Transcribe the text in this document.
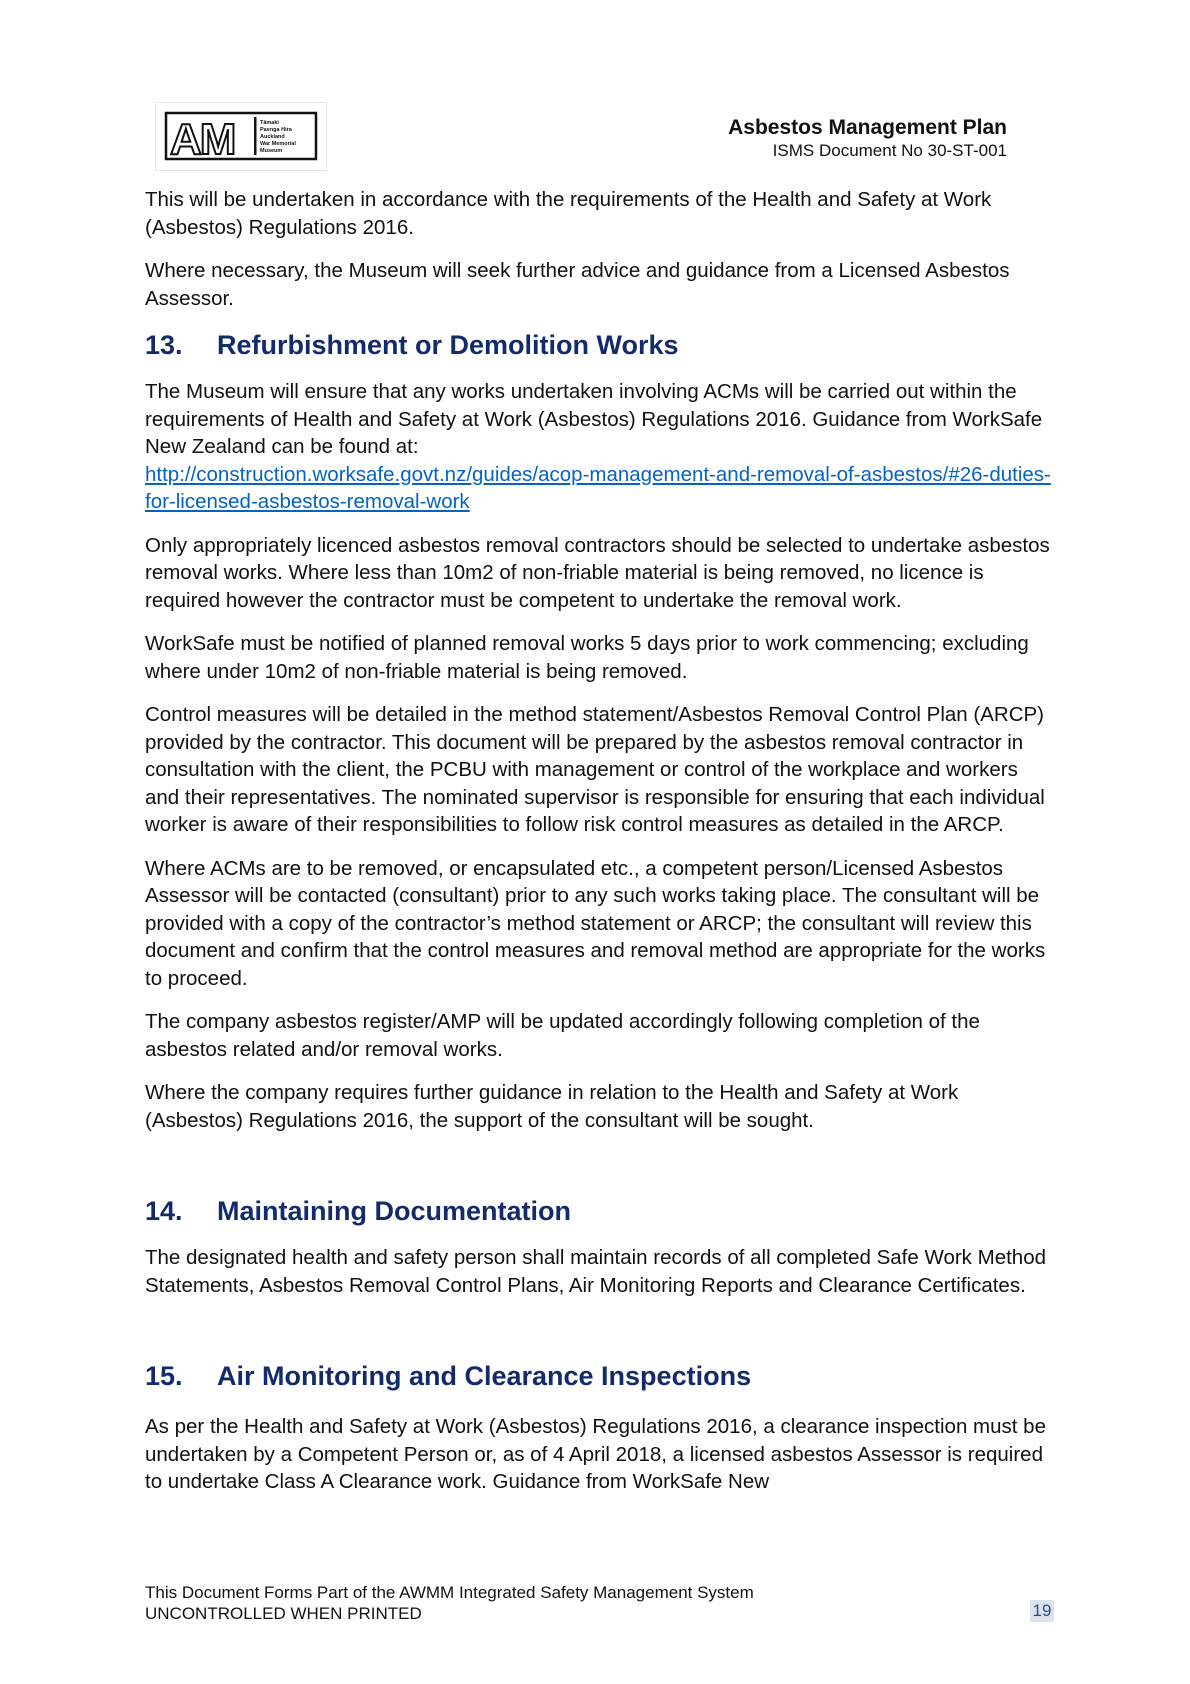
AM	Tāmaki Paenga Hira Auckland War Memorial Museum
Asbestos Management Plan
ISMS Document No 30-ST-001

This will be undertaken in accordance with the requirements of the Health and Safety at Work (Asbestos) Regulations 2016.

Where necessary, the Museum will seek further advice and guidance from a Licensed Asbestos Assessor.

13. Refurbishment or Demolition Works

The Museum will ensure that any works undertaken involving ACMs will be carried out within the requirements of Health and Safety at Work (Asbestos) Regulations 2016. Guidance from WorkSafe New Zealand can be found at:
http://construction.worksafe.govt.nz/guides/acop-management-and-removal-of-asbestos/#26-duties-for-licensed-asbestos-removal-work

Only appropriately licenced asbestos removal contractors should be selected to undertake asbestos removal works. Where less than 10m2 of non-friable material is being removed, no licence is required however the contractor must be competent to undertake the removal work.

WorkSafe must be notified of planned removal works 5 days prior to work commencing; excluding where under 10m2 of non-friable material is being removed.

Control measures will be detailed in the method statement/Asbestos Removal Control Plan (ARCP) provided by the contractor. This document will be prepared by the asbestos removal contractor in consultation with the client, the PCBU with management or control of the workplace and workers and their representatives. The nominated supervisor is responsible for ensuring that each individual worker is aware of their responsibilities to follow risk control measures as detailed in the ARCP.

Where ACMs are to be removed, or encapsulated etc., a competent person/Licensed Asbestos Assessor will be contacted (consultant) prior to any such works taking place. The consultant will be provided with a copy of the contractor’s method statement or ARCP; the consultant will review this document and confirm that the control measures and removal method are appropriate for the works to proceed.

The company asbestos register/AMP will be updated accordingly following completion of the asbestos related and/or removal works.

Where the company requires further guidance in relation to the Health and Safety at Work (Asbestos) Regulations 2016, the support of the consultant will be sought.

14. Maintaining Documentation

The designated health and safety person shall maintain records of all completed Safe Work Method Statements, Asbestos Removal Control Plans, Air Monitoring Reports and Clearance Certificates.

15. Air Monitoring and Clearance Inspections

As per the Health and Safety at Work (Asbestos) Regulations 2016, a clearance inspection must be undertaken by a Competent Person or, as of 4 April 2018, a licensed asbestos Assessor is required to undertake Class A Clearance work. Guidance from WorkSafe New

This Document Forms Part of the AWMM Integrated Safety Management System
UNCONTROLLED WHEN PRINTED	19
